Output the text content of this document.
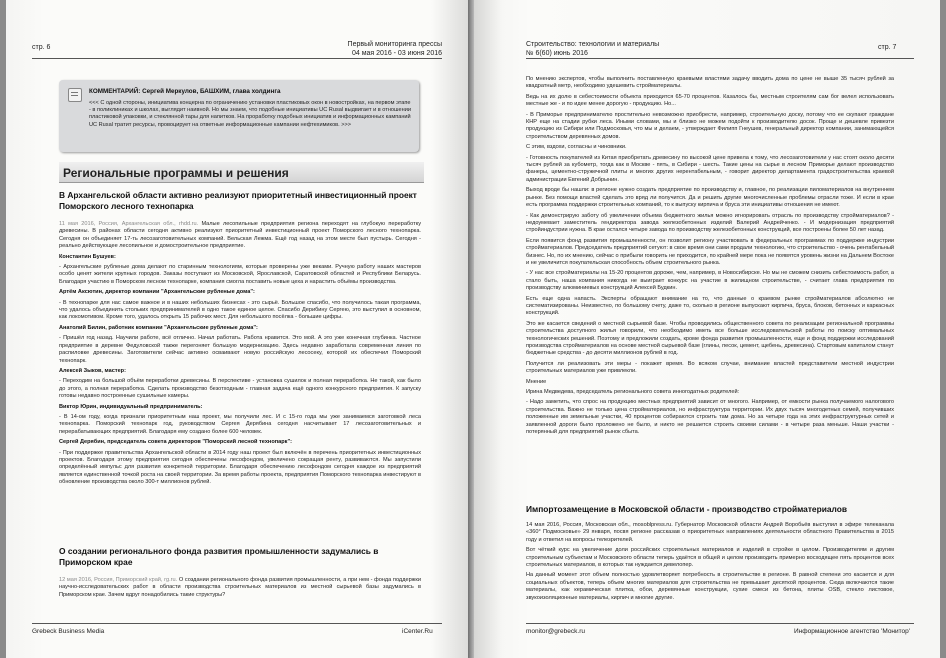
стр. 6	Первый мониторинга прессы
04 мая 2016 - 03 июня 2016
КОММЕНТАРИЙ: Сергей Меркулов, БАШХИМ, глава холдинга
<<< С одной стороны, инициатива концерна по ограничению установки пластиковых окон в новостройках, на первом этапе - в поликлиниках и школах, выглядит наивной. Но мы знаем, что подобные инициативы UC Rusal выдвигает и в отношении пластиковой упаковки, и стеклянной тары для напитков. На проработку подобных инициатив и информационных кампаний UC Rusal тратит ресурсы, провоцирует на ответные информационные кампании нефтехимиков. >>>
Региональные программы и решения
В Архангельской области активно реализуют приоритетный инвестиционный проект Поморского лесного технопарка
11 мая 2016, Россия, Архангельская обл., rhdd.ru. Малые лесопильные предприятия региона переходят на глубокую переработку древесины. В районах области сегодня активно реализуют приоритетный инвестиционный проект Поморского лесного технопарка. Сегодня он объединяет 17-ть лесозаготовительных компаний. Вельская Лежма. Ещё год назад на этом месте был пустырь. Сегодня - реально действующее лесопильное и домостроительное предприятие.
Константин Бушуев:
- Архангельские рубленые дома делают по старинным технологиям, которые проверены уже веками. Ручную работу наших мастеров особо ценят жители крупных городов. Заказы поступают из Московской, Ярославской, Саратовской областей и Республики Беларусь. Благодаря участию в Поморском лесном технопарке, компания смогла поставить новые цеха и нарастить объёмы производства.
Артём Аксютин, директор компании "Архангельские рубленые дома":
- В технопарке для нас самое важное и в наших небольших бизнесах - это сырьё. Большое спасибо, что получилось такая программа, что удалось объединить стольких предпринимателей в одно такое единое целое. Спасибо Дерибину Сергею, это выступил в основном, как локомотивом. Кроме того, удалось открыть 15 рабочих мест. Для небольшого посёлка - большие цифры.
Анатолий Билин, работник компании "Архангельские рубленые дома":
- Пришёл год назад. Научили работе, всё отлично. Начал работать. Работа нравится. Это мой. А это уже конечная глубинка. Частное предприятие в деревне Федуловской также перегоняет большую модернизацию. Здесь недавно заработала современная линия по распиловке древесины. Заготовители сейчас активно осваивают новую российскую лесосеку, которой их обеспечил Поморский технопарк.
Алексей Зыков, мастер:
- Переходим на большой объём переработки древесины. В перспективе - установка сушилок и полная переработка. Не такой, как было до этого, а полная переработка. Сделать производство безотходным - главная задача ещё одного конкурсного предприятия. К запуску готовы недавно построенные сушильные камеры.
Виктор Юрин, индивидуальный предприниматель:
- В 14-ом году, когда признали приоритетным наш проект, мы получили лес. И с 15-го года мы уже занимаемся заготовкой леса технопарка. Поморский технопарк год, руководством Сергея Дерябина сегодня насчитывает 17 лесозаготовительных и перерабатывающих предприятий. Благодаря ему создано более 600 человек.
Сергей Дерябин, председатель совета директоров "Поморский лесной технопарк":
- При поддержке правительства Архангельской области в 2014 году наш проект был включён в перечень приоритетных инвестиционных проектов. Благодаря этому предприятия сегодня обеспечены лесофондом, увеличено сокращая ренту, развиваются. Мы запустили определённый импульс для развития конкретной территории. Благодаря обеспечению лесофондом сегодня каждое из предприятий является единственной точкой роста на своей территории. За время работы проекта, предприятия Поморского технопарка инвестируют в обновление производства около 300-т миллионов рублей.
О создании регионального фонда развития промышленности задумались в Приморском крае
12 мая 2016, Россия, Приморский край, rg.ru. О создании регионального фонда развития промышленности, а при нем - фонда поддержки научно-исследовательских работ в области производства строительных материалов из местной сырьевой базы задумались в Приморском крае. Зачем вдруг понадобились такие структуры?
Grebeck Business Media	iCenter.Ru
Строительство: технологии и материалы
№ 6(60) июнь 2016
стр. 7
По мнению экспертов, чтобы выполнить поставленную краевыми властями задачу вводить дома по цене не выше 35 тысяч рублей за квадратный метр, необходимо удешевить стройматериалы.
Ведь на их долю в себестоимости объекта приходится 65-70 процентов. Казалось бы, местным строителям сам бог велел использовать местные же - и по идее менее дорогую - продукцию. Но...
- В Приморье предпринимателю простительно невозможно приобрести, например, строительную доску, потому что ее скупают граждане КНР еще на стадии рубки леса. Иными словами, мы и близко не можем подойти к производителю досок. Проще и дешевле привезти продукцию из Сибири или Подмосковья, что мы и делаем, - утверждает Филипп Гнеушев, генеральный директор компании, занимающейся строительством деревянных домов.
С этим, вздохи, согласны и чиновники.
- Готовность покупателей из Китая приобретать древесину по высокой цене привела к тому, что лесозаготовители у нас стоят около десяти тысяч рублей за кубометр, тогда как в Москве - пять, в Сибири - шесть. Такие цены на сырье в лесном Приморье делают производство фанеры, цементно-стружечной плиты и многих других нерентабельным, - говорит директор департамента градостроительства краевой администрации Евгений Добрынин.
Выход вроде бы нашли: в регионе нужно создать предприятие по производству и, главное, по реализации пиломатериалов на внутреннем рынке. Без помощи властей сделать это вряд ли получится. Да и решить другие многочисленные проблемы отрасли тоже. И если в крае есть программа поддержки строительных компаний, то к выпуску кирпича и бруса эти инициативы отношения не имеют.
- Как демонстрирую заботу об увеличении объема бюджетного жилья можно игнорировать отрасль по производству стройматериалов? - недоумевает заместитель гендиректора завода железобетонных изделий Валерий Андрейченко. - И модернизация предприятий стройиндустрии нужна. В крае остался четыре завода по производству железобетонных конструкций, все построены более 50 лет назад.
Если появится фонд развития промышленности, он позволит региону участвовать в федеральных программах по поддержке индустрии стройматериалов. Председатель предприятий сетуют: в свое время они сами продали технологию, что строительство - очень рентабельный бизнес. Но, по их мнению, сейчас о прибыли говорить не приходится, по крайней мере пока не появятся уровень жизни на Дальнем Востоке и не увеличится покупательская способность объем строительного рынка.
- У нас все стройматериалы на 15-20 процентов дороже, чем, например, в Новосибирске. Но мы не сможем снизить себестоимость работ, а стало быть, наша компания никогда не выиграет конкурс на участие в жилищном строительстве, - считает глава предприятия по производству алюминиевых конструкций Алексей Будкин.
Есть еще одна напасть. Эксперты обращают внимание на то, что данные о краевом рынке стройматериалов абсолютно не систематизированы. Неизвестно, по большому счету, даже то, сколько в регионе выпускают кирпича, бруса, блоков, бетонных и каркасных конструкций.
Это же касается сведений о местной сырьевой базе. Чтобы проводились общественного совета по реализации региональной программы строительства доступного жилья говорили, что необходимо иметь все больше исследовательской работы по поиску оптимальных технологических решений. Поэтому и предложили создать, кроме фонда развития промышленности, еще и фонд поддержки исследований производства стройматериалов на основе местной сырьевой базе (глины, песок, цемент, щебень, древесина). Стартовым капиталом станут бюджетные средства - до десяти миллионов рублей в год.
Получится ли реализовать эти меры - покажет время. Во всяком случае, внимание властей представители местной индустрии строительных материалов уже привлекли.
Мнение
Ирина Медведева, председатель регионального совета инногодатных родителей:
- Надо заметить, что спрос на продукцию местных предприятий зависит от многого. Например, от емкости рынка получаемого налогового строительства. Важно не только цена стройматериалов, но инфраструктура территории. Их двух тысяч многодетных семей, получивших положенные им земельные участки, 40 процентов собираются строить там дома. Но за четыре года на этих инфраструктурных сетей и заявленной дороги было проложено не было, и никто не решается строить своими силами - в четыре раза меньше. Наши участки - потерянный для предприятий рынок сбыта.
Импортозамещение в Московской области - производство стройматериалов
14 мая 2016, Россия, Московская обл., mosoblpress.ru. Губернатор Московской области Андрей Воробьёв выступил в эфире телеканала «360° Подмосковье» 29 января, посвя регионе рассказав о приоритетных направлениях деятельности областного Правительства в 2015 году и ответил на вопросы телезрителей.
Вот чёткий курс на увеличение доли российских строительных материалов и изделий в стройке в целом. Производителям и другим строительным субъектам и Московского области теперь удаётся в общей и целом производить примерно восходящее пять процентов всех строительных материалов, в которых так нуждается девелопер.
На данный момент этот объем полностью удовлетворяет потребность в строительстве в регионе. В равной степени это касается и для социальных объектов, теперь объем многих материалов для строительства не превышает десяткой процентов. Сюда включаются такие материалы, как керамическая плитка, обои, деревянные конструкции, сухие смеси из бетона, плиты OSB, стекло листовое, звукоизоляционные материалы, кирпич и многие другие.
monitor@grebeck.ru	Информационное агентство 'Монитор'
